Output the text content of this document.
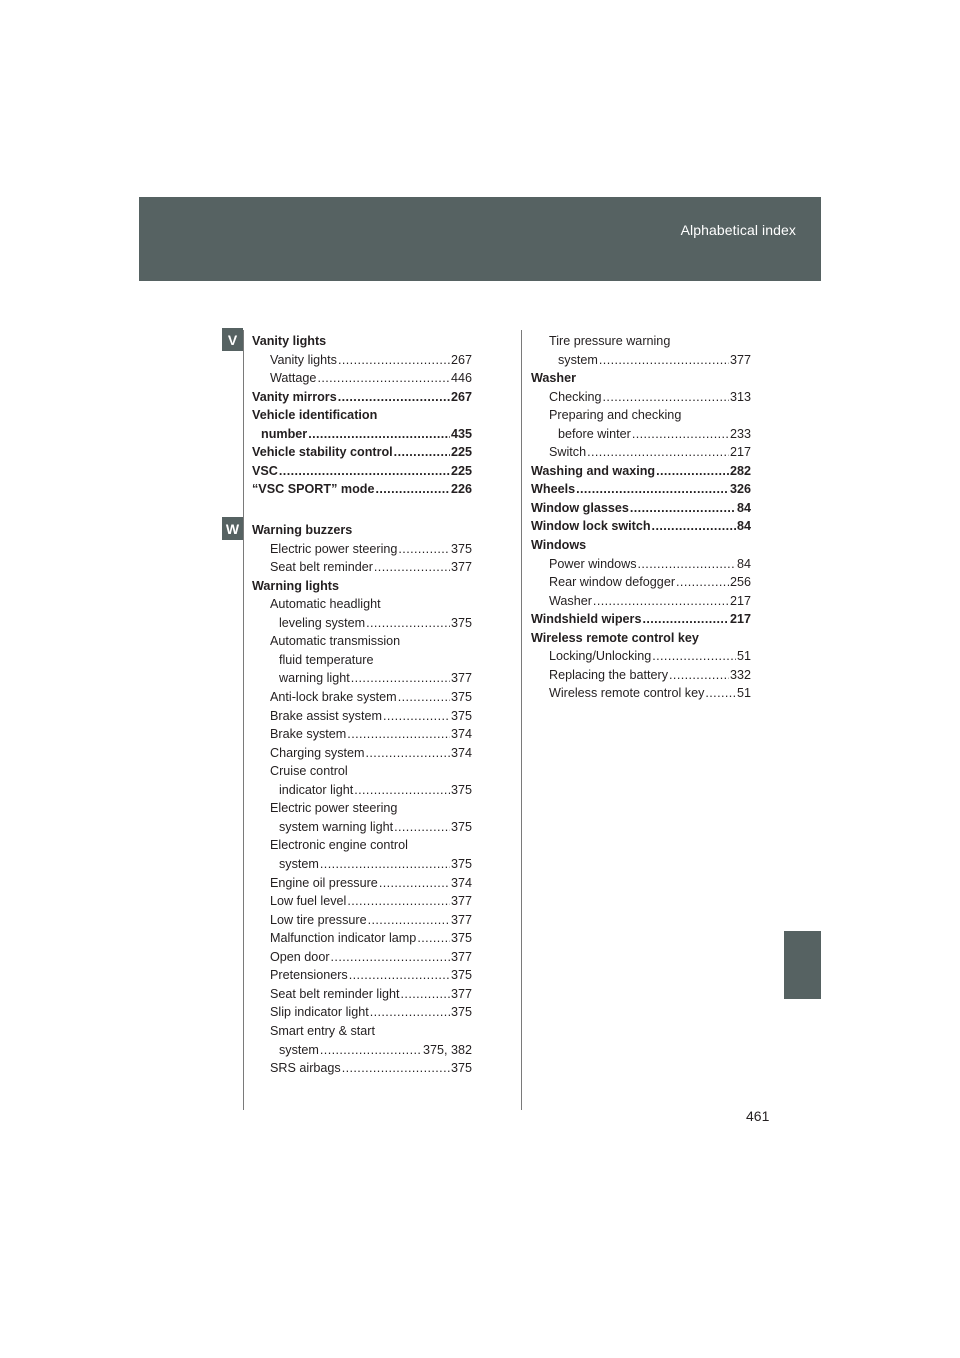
Alphabetical index
V
W
Vanity lights
Vanity lights .....	267
Wattage .....	446
Vanity mirrors .....	267
Vehicle identification
number .....	435
Vehicle stability control .....	225
VSC .....	225
“VSC SPORT” mode .....	226
Warning buzzers
Electric power steering .....	375
Seat belt reminder .....	377
Warning lights
Automatic headlight
leveling system .....	375
Automatic transmission
fluid temperature
warning light .....	377
Anti-lock brake system .....	375
Brake assist system .....	375
Brake system .....	374
Charging system .....	374
Cruise control
indicator light .....	375
Electric power steering
system warning light .....	375
Electronic engine control
system .....	375
Engine oil pressure .....	374
Low fuel level .....	377
Low tire pressure .....	377
Malfunction indicator lamp .....	375
Open door .....	377
Pretensioners .....	375
Seat belt reminder light .....	377
Slip indicator light .....	375
Smart entry & start
system .....	375, 382
SRS airbags .....	375
Tire pressure warning
system .....	377
Washer
Checking .....	313
Preparing and checking
before winter .....	233
Switch .....	217
Washing and waxing .....	282
Wheels .....	326
Window glasses .....	84
Window lock switch .....	84
Windows
Power windows .....	84
Rear window defogger .....	256
Washer .....	217
Windshield wipers .....	217
Wireless remote control key
Locking/Unlocking .....	51
Replacing the battery .....	332
Wireless remote control key .....	51
461
